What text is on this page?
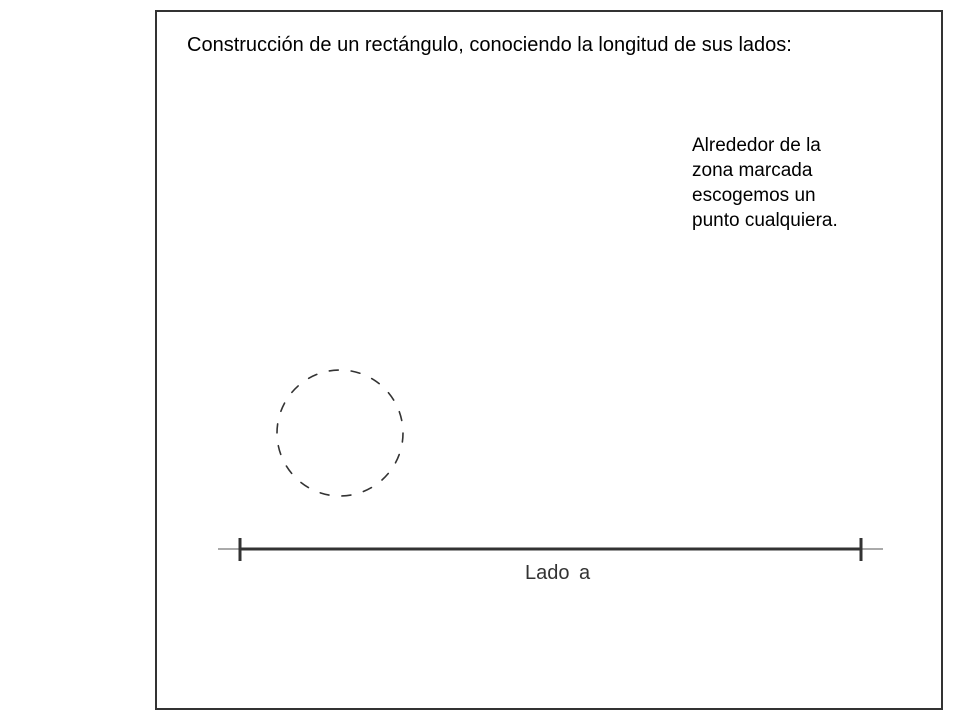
Construcción de un rectángulo, conociendo la longitud de sus lados:
Alrededor de la
zona marcada
escogemos un
punto cualquiera.
Lado a
